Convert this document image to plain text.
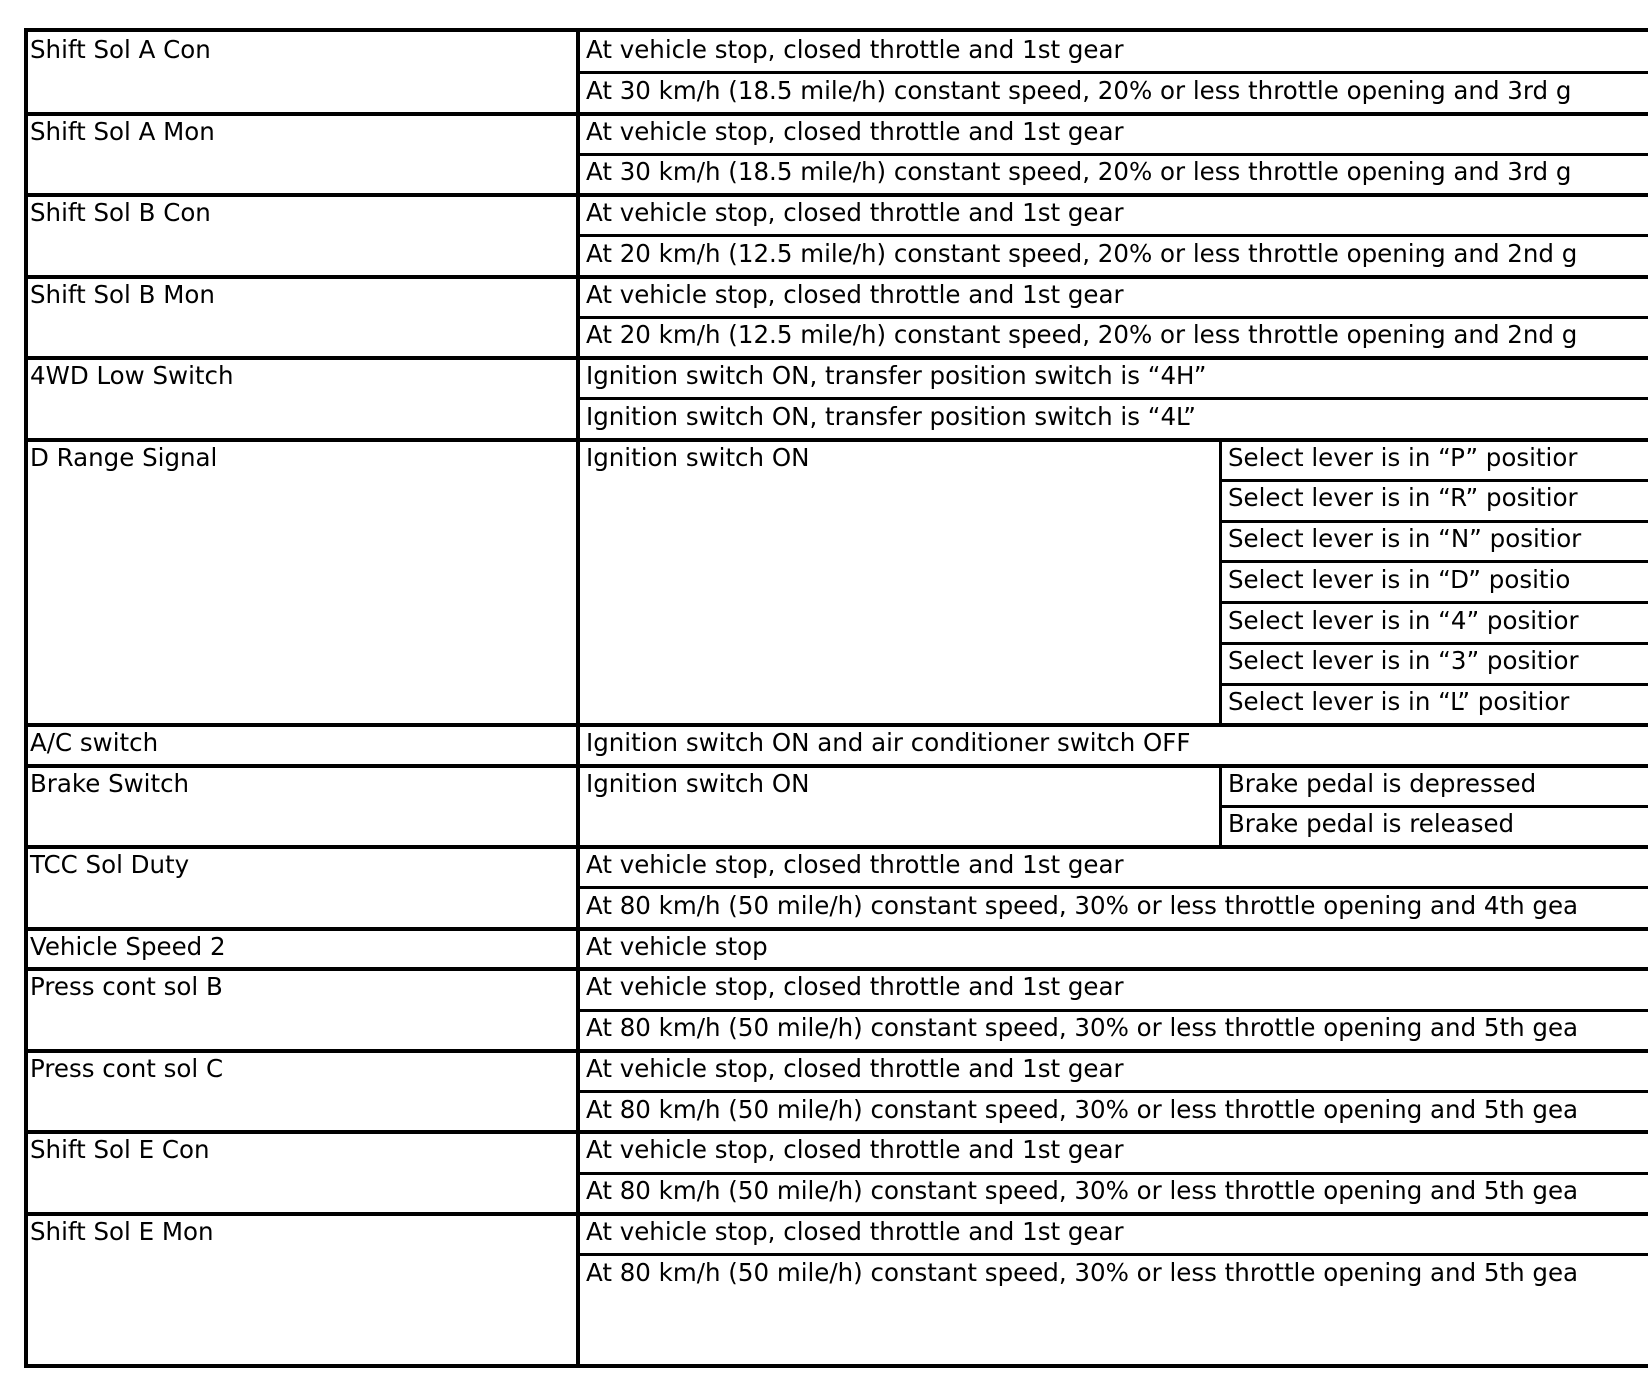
Shift Sol A Con	At vehicle stop, closed throttle and 1st gear
At 30 km/h (18.5 mile/h) constant speed, 20% or less throttle opening and 3rd g
Shift Sol A Mon	At vehicle stop, closed throttle and 1st gear
At 30 km/h (18.5 mile/h) constant speed, 20% or less throttle opening and 3rd g
Shift Sol B Con	At vehicle stop, closed throttle and 1st gear
At 20 km/h (12.5 mile/h) constant speed, 20% or less throttle opening and 2nd g
Shift Sol B Mon	At vehicle stop, closed throttle and 1st gear
At 20 km/h (12.5 mile/h) constant speed, 20% or less throttle opening and 2nd g
4WD Low Switch	Ignition switch ON, transfer position switch is “4H”
Ignition switch ON, transfer position switch is “4L”
D Range Signal	Ignition switch ON	Select lever is in “P” positior
Select lever is in “R” positior
Select lever is in “N” positior
Select lever is in “D” positio
Select lever is in “4” positior
Select lever is in “3” positior
Select lever is in “L” positior
A/C switch	Ignition switch ON and air conditioner switch OFF
Brake Switch	Ignition switch ON	Brake pedal is depressed
Brake pedal is released
TCC Sol Duty	At vehicle stop, closed throttle and 1st gear
At 80 km/h (50 mile/h) constant speed, 30% or less throttle opening and 4th gea
Vehicle Speed 2	At vehicle stop
Press cont sol B	At vehicle stop, closed throttle and 1st gear
At 80 km/h (50 mile/h) constant speed, 30% or less throttle opening and 5th gea
Press cont sol C	At vehicle stop, closed throttle and 1st gear
At 80 km/h (50 mile/h) constant speed, 30% or less throttle opening and 5th gea
Shift Sol E Con	At vehicle stop, closed throttle and 1st gear
At 80 km/h (50 mile/h) constant speed, 30% or less throttle opening and 5th gea
Shift Sol E Mon	At vehicle stop, closed throttle and 1st gear
At 80 km/h (50 mile/h) constant speed, 30% or less throttle opening and 5th gea
